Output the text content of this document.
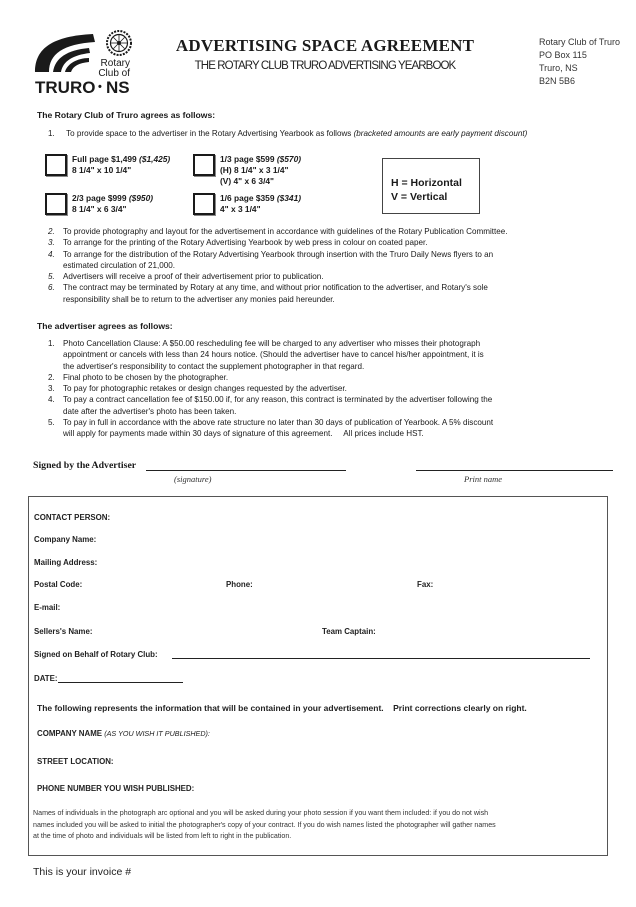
Rotary
Club of
TRURO • NS
ADVERTISING SPACE AGREEMENT
THE ROTARY CLUB TRURO ADVERTISING YEARBOOK
Rotary Club of Truro
PO Box 115
Truro, NS
B2N 5B6
The Rotary Club of Truro agrees as follows:
1. To provide space to the advertiser in the Rotary Advertising Yearbook as follows (bracketed amounts are early payment discount)
Full page $1,499 ($1,425)
8 1/4" x 10 1/4"
1/3 page $599 ($570)
(H) 8 1/4" x 3 1/4"
(V) 4" x 6 3/4"
2/3 page $999 ($950)
8 1/4" x 6 3/4"
1/6 page $359 ($341)
4" x 3 1/4"
H = Horizontal
V = Vertical
2.	To provide photography and layout for the advertisement in accordance with guidelines of the Rotary Publication Committee.
3.	To arrange for the printing of the Rotary Advertising Yearbook by web press in colour on coated paper.
4.	To arrange for the distribution of the Rotary Advertising Yearbook through insertion with the Truro Daily News flyers to an
estimated circulation of 21,000.
5.	Advertisers will receive a proof of their advertisement prior to publication.
6.	The contract may be terminated by Rotary at any time, and without prior notification to the advertiser, and Rotary's sole
responsibility shall be to return to the advertiser any monies paid hereunder.
The advertiser agrees as follows:
1.	Photo Cancellation Clause: A $50.00 rescheduling fee will be charged to any advertiser who misses their photograph
appointment or cancels with less than 24 hours notice. (Should the advertiser have to cancel his/her appointment, it is
the advertiser's responsibility to contact the supplement photographer in that regard.
2.	Final photo to be chosen by the photographer.
3.	To pay for photographic retakes or design changes requested by the advertiser.
4.	To pay a contract cancellation fee of $150.00 if, for any reason, this contract is terminated by the advertiser following the
date after the advertiser's photo has been taken.
5.	To pay in full in accordance with the above rate structure no later than 30 days of publication of Yearbook. A 5% discount
will apply for payments made within 30 days of signature of this agreement.     All prices include HST.
Signed by the Advertiser
(signature)	Print name
CONTACT PERSON:
Company Name:
Mailing Address:
Postal Code:	Phone:	Fax:
E-mail:
Sellers's Name:	Team Captain:
Signed on Behalf of Rotary Club:
DATE:
The following represents the information that will be contained in your advertisement. Print corrections clearly on right.
COMPANY NAME (AS YOU WISH IT PUBLISHED):
STREET LOCATION:
PHONE NUMBER YOU WISH PUBLISHED:
Names of individuals in the photograph arc optional and you will be asked during your photo session if you want them included: if you do not wish
names included you will be asked to initial the photographer's copy of your contract. If you do wish names listed the photographer will gather names
at the time of photo and individuals will be listed from left to right in the publication.
This is your invoice #
